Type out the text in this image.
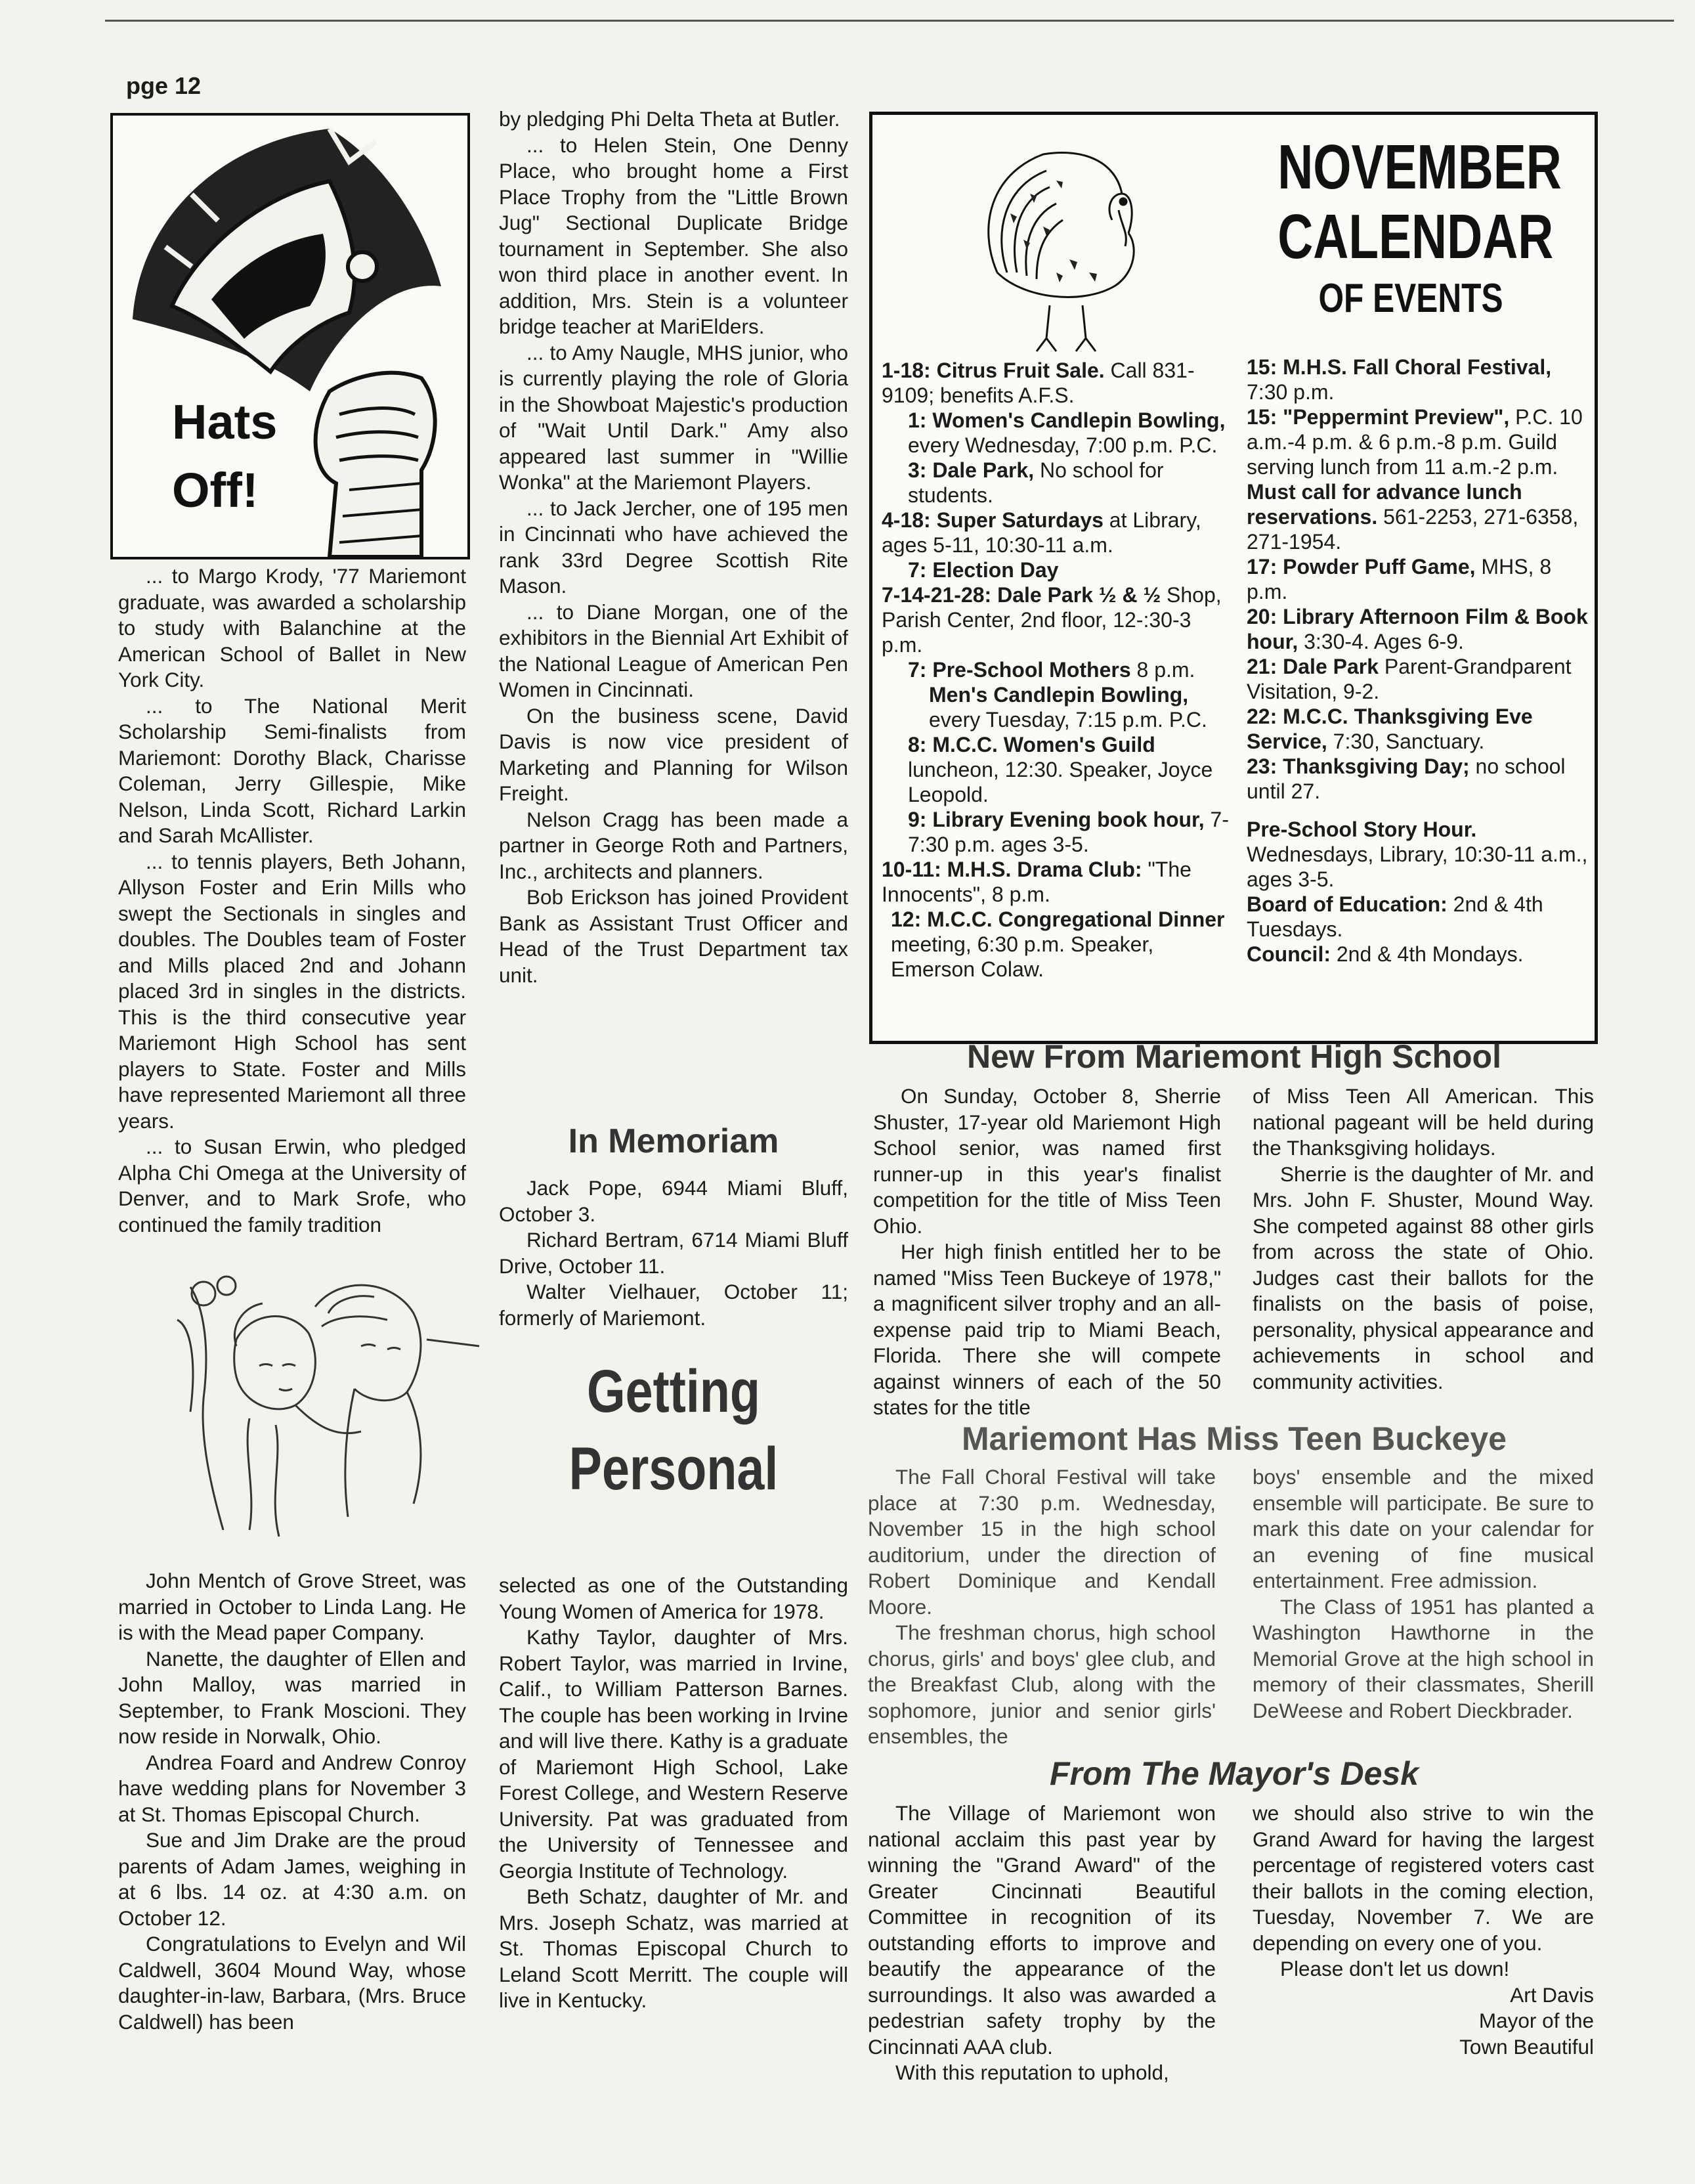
pge 12
Hats
Off!

... to Margo Krody, '77 Mariemont graduate, was awarded a scholarship to study with Balanchine at the American School of Ballet in New York City.

... to The National Merit Scholarship Semi-finalists from Mariemont: Dorothy Black, Charisse Coleman, Jerry Gillespie, Mike Nelson, Linda Scott, Richard Larkin and Sarah McAllister.

... to tennis players, Beth Johann, Allyson Foster and Erin Mills who swept the Sectionals in singles and doubles. The Doubles team of Foster and Mills placed 2nd and Johann placed 3rd in singles in the districts. This is the third consecutive year Mariemont High School has sent players to State. Foster and Mills have represented Mariemont all three years.

... to Susan Erwin, who pledged Alpha Chi Omega at the University of Denver, and to Mark Srofe, who continued the family tradition

John Mentch of Grove Street, was married in October to Linda Lang. He is with the Mead paper Company.

Nanette, the daughter of Ellen and John Malloy, was married in September, to Frank Moscioni. They now reside in Norwalk, Ohio.

Andrea Foard and Andrew Conroy have wedding plans for November 3 at St. Thomas Episcopal Church.

Sue and Jim Drake are the proud parents of Adam James, weighing in at 6 lbs. 14 oz. at 4:30 a.m. on October 12.

Congratulations to Evelyn and Wil Caldwell, 3604 Mound Way, whose daughter-in-law, Barbara, (Mrs. Bruce Caldwell) has been

by pledging Phi Delta Theta at Butler.

... to Helen Stein, One Denny Place, who brought home a First Place Trophy from the "Little Brown Jug" Sectional Duplicate Bridge tournament in September. She also won third place in another event. In addition, Mrs. Stein is a volunteer bridge teacher at MariElders.

... to Amy Naugle, MHS junior, who is currently playing the role of Gloria in the Showboat Majestic's production of "Wait Until Dark." Amy also appeared last summer in "Willie Wonka" at the Mariemont Players.

... to Jack Jercher, one of 195 men in Cincinnati who have achieved the rank 33rd Degree Scottish Rite Mason.

... to Diane Morgan, one of the exhibitors in the Biennial Art Exhibit of the National League of American Pen Women in Cincinnati.

On the business scene, David Davis is now vice president of Marketing and Planning for Wilson Freight.

Nelson Cragg has been made a partner in George Roth and Partners, Inc., architects and planners.

Bob Erickson has joined Provident Bank as Assistant Trust Officer and Head of the Trust Department tax unit.

In Memoriam

Jack Pope, 6944 Miami Bluff, October 3.

Richard Bertram, 6714 Miami Bluff Drive, October 11.

Walter Vielhauer, October 11; formerly of Mariemont.

Getting
Personal

selected as one of the Outstanding Young Women of America for 1978.

Kathy Taylor, daughter of Mrs. Robert Taylor, was married in Irvine, Calif., to William Patterson Barnes. The couple has been working in Irvine and will live there. Kathy is a graduate of Mariemont High School, Lake Forest College, and Western Reserve University. Pat was graduated from the University of Tennessee and Georgia Institute of Technology.

Beth Schatz, daughter of Mr. and Mrs. Joseph Schatz, was married at St. Thomas Episcopal Church to Leland Scott Merritt. The couple will live in Kentucky.

NOVEMBER
CALENDAR
OF EVENTS

1-18: Citrus Fruit Sale. Call 831-9109; benefits A.F.S.

1: Women's Candlepin Bowling, every Wednesday, 7:00 p.m. P.C.

3: Dale Park, No school for students.

4-18: Super Saturdays at Library, ages 5-11, 10:30-11 a.m.

7: Election Day

7-14-21-28: Dale Park ½ & ½ Shop, Parish Center, 2nd floor, 12-:30-3 p.m.

7: Pre-School Mothers 8 p.m.

Men's Candlepin Bowling, every Tuesday, 7:15 p.m. P.C.

8: M.C.C. Women's Guild luncheon, 12:30. Speaker, Joyce Leopold.

9: Library Evening book hour, 7-7:30 p.m. ages 3-5.

10-11: M.H.S. Drama Club: "The Innocents", 8 p.m.

12: M.C.C. Congregational Dinner meeting, 6:30 p.m. Speaker, Emerson Colaw.

15: M.H.S. Fall Choral Festival, 7:30 p.m.

15: "Peppermint Preview", P.C. 10 a.m.-4 p.m. & 6 p.m.-8 p.m. Guild serving lunch from 11 a.m.-2 p.m. Must call for advance lunch reservations. 561-2253, 271-6358, 271-1954.

17: Powder Puff Game, MHS, 8 p.m.

20: Library Afternoon Film & Book hour, 3:30-4. Ages 6-9.

21: Dale Park Parent-Grandparent Visitation, 9-2.

22: M.C.C. Thanksgiving Eve Service, 7:30, Sanctuary.

23: Thanksgiving Day; no school until 27.

Pre-School Story Hour. Wednesdays, Library, 10:30-11 a.m., ages 3-5.

Board of Education: 2nd & 4th Tuesdays.

Council: 2nd & 4th Mondays.

New From Mariemont High School

On Sunday, October 8, Sherrie Shuster, 17-year old Mariemont High School senior, was named first runner-up in this year's finalist competition for the title of Miss Teen Ohio.

Her high finish entitled her to be named "Miss Teen Buckeye of 1978," a magnificent silver trophy and an all-expense paid trip to Miami Beach, Florida. There she will compete against winners of each of the 50 states for the title

of Miss Teen All American. This national pageant will be held during the Thanksgiving holidays.

Sherrie is the daughter of Mr. and Mrs. John F. Shuster, Mound Way. She competed against 88 other girls from across the state of Ohio. Judges cast their ballots for the finalists on the basis of poise, personality, physical appearance and achievements in school and community activities.

Mariemont Has Miss Teen Buckeye

The Fall Choral Festival will take place at 7:30 p.m. Wednesday, November 15 in the high school auditorium, under the direction of Robert Dominique and Kendall Moore.

The freshman chorus, high school chorus, girls' and boys' glee club, and the Breakfast Club, along with the sophomore, junior and senior girls' ensembles, the

boys' ensemble and the mixed ensemble will participate. Be sure to mark this date on your calendar for an evening of fine musical entertainment. Free admission.

The Class of 1951 has planted a Washington Hawthorne in the Memorial Grove at the high school in memory of their classmates, Sherill DeWeese and Robert Dieckbrader.

From The Mayor's Desk

The Village of Mariemont won national acclaim this past year by winning the "Grand Award" of the Greater Cincinnati Beautiful Committee in recognition of its outstanding efforts to improve and beautify the appearance of the surroundings. It also was awarded a pedestrian safety trophy by the Cincinnati AAA club.

With this reputation to uphold,

we should also strive to win the Grand Award for having the largest percentage of registered voters cast their ballots in the coming election, Tuesday, November 7. We are depending on every one of you.

Please don't let us down!

Art Davis

Mayor of the

Town Beautiful
